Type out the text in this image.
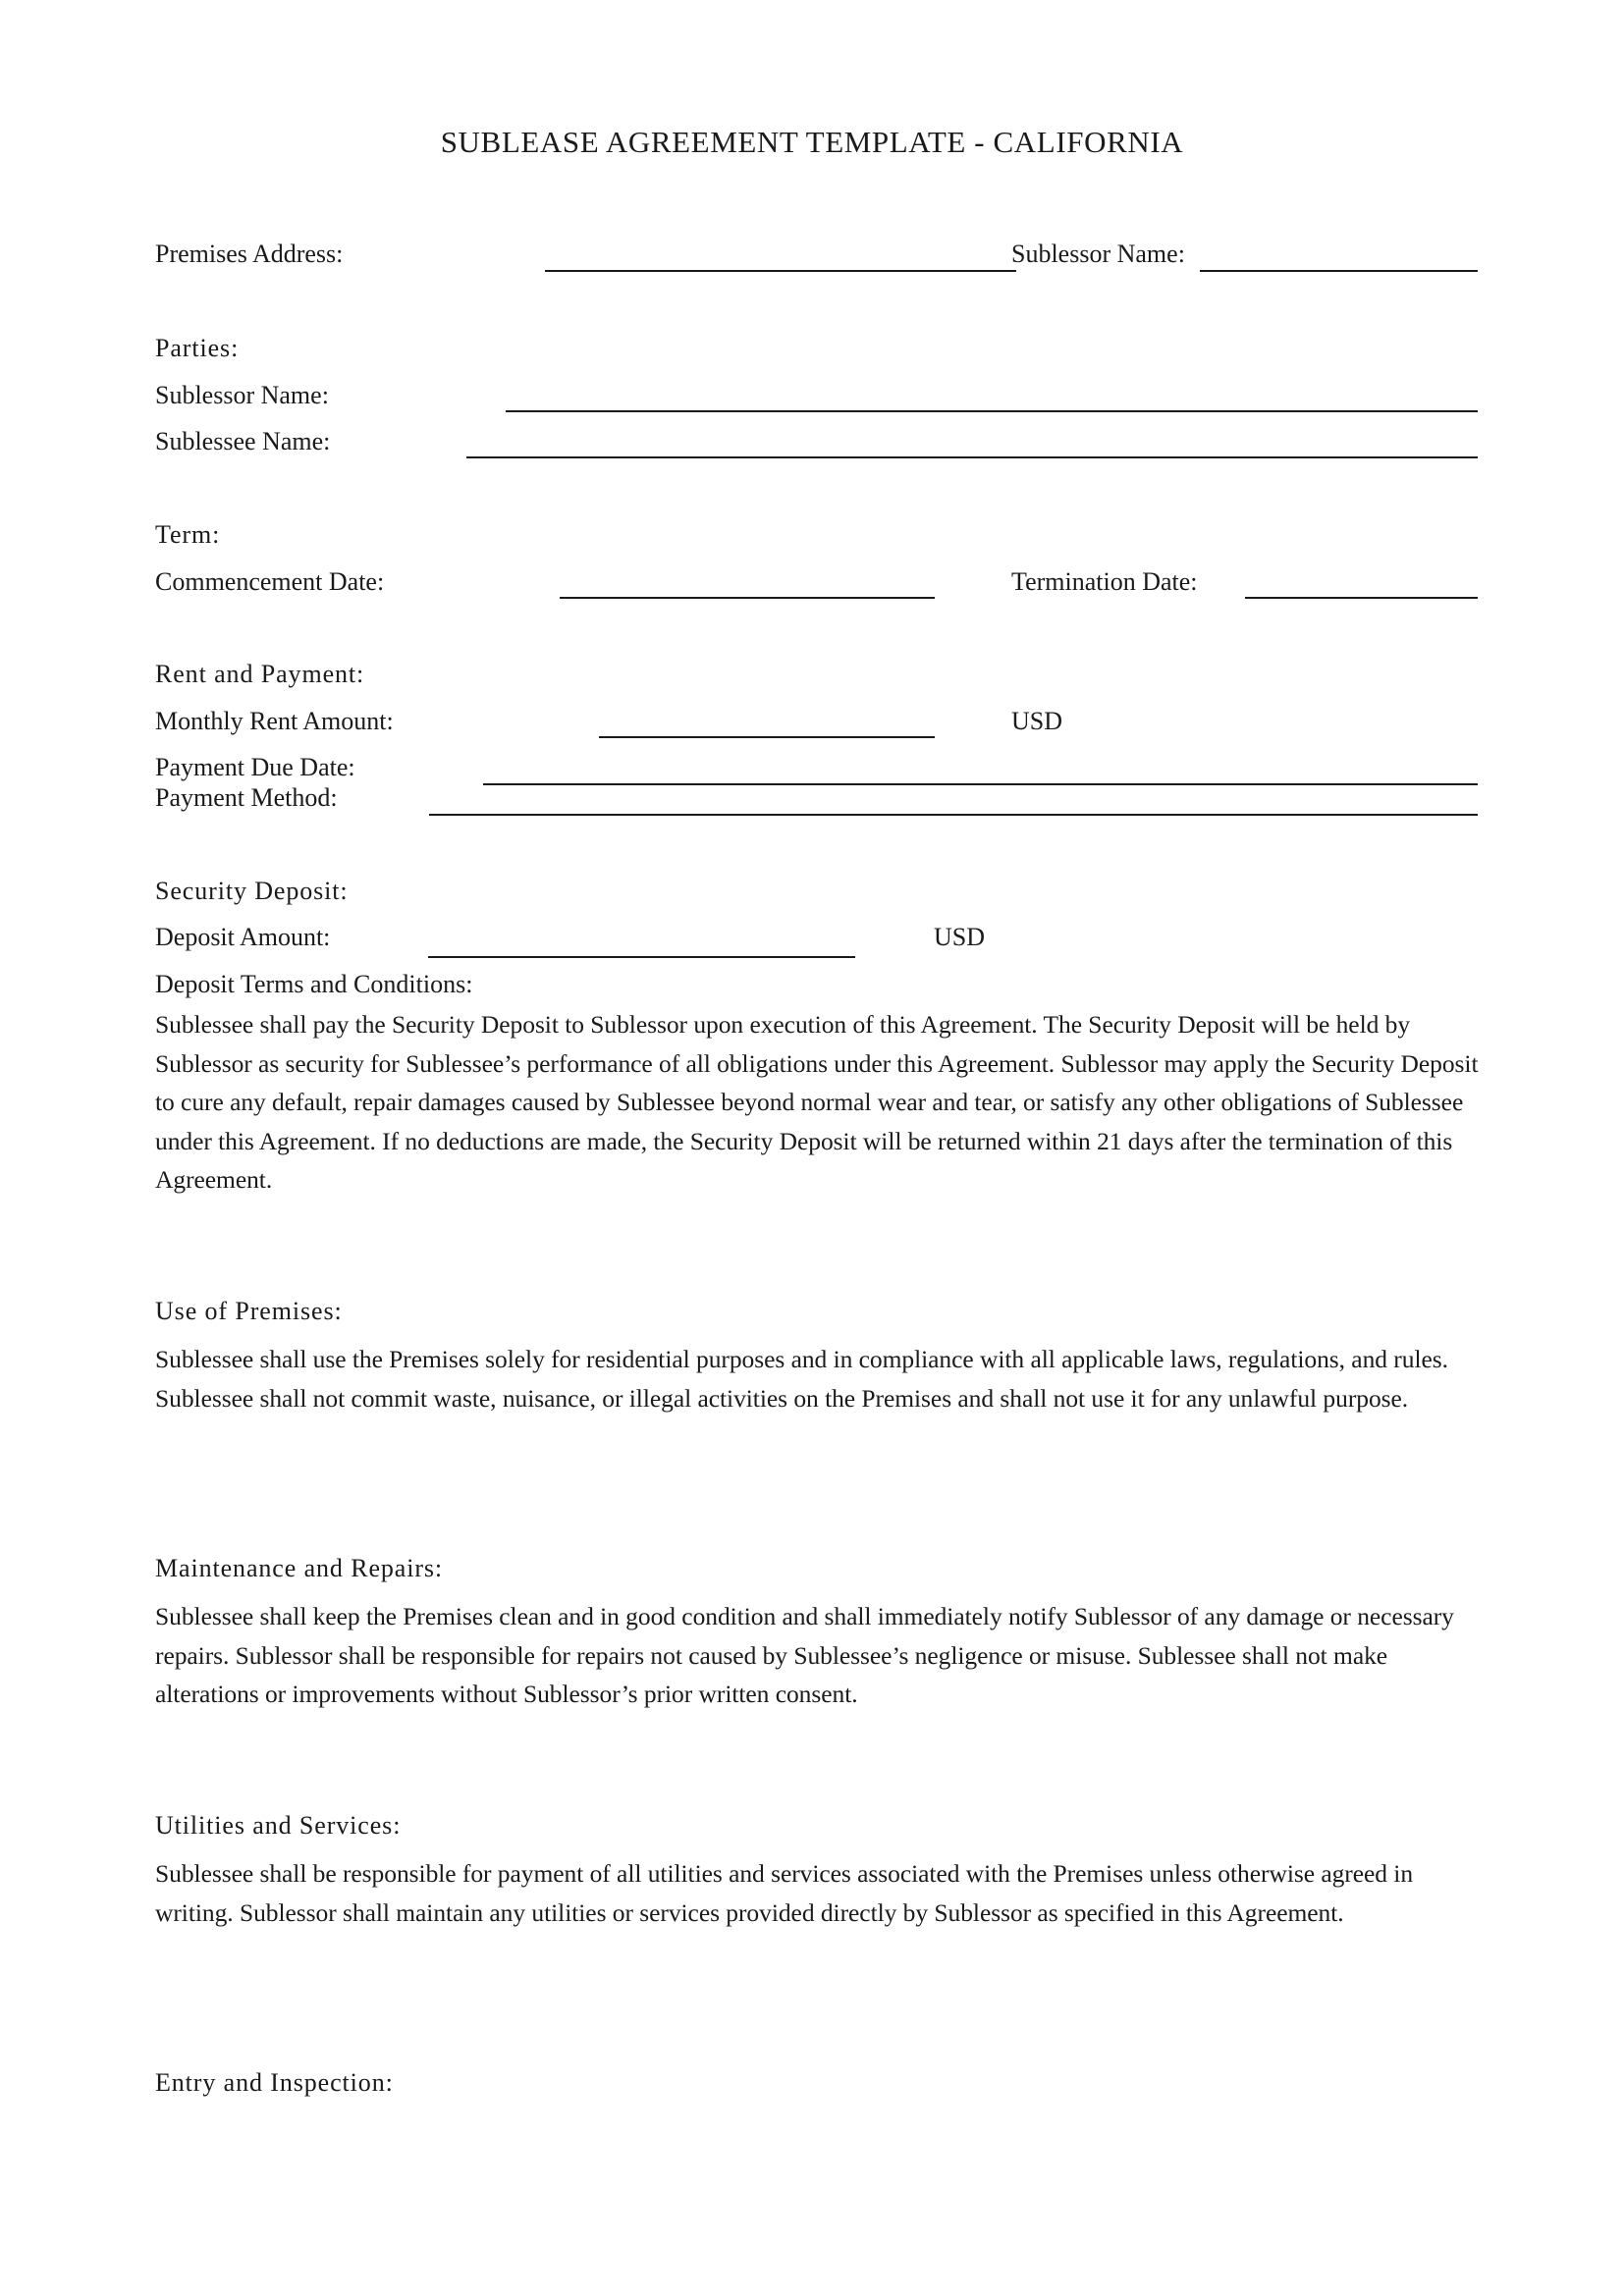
SUBLEASE AGREEMENT TEMPLATE - CALIFORNIA
Premises Address:	Sublessor Name:
Parties:
Sublessor Name:
Sublessee Name:
Term:
Commencement Date:	Termination Date:
Rent and Payment:
Monthly Rent Amount:	USD
Payment Due Date:
Payment Method:
Security Deposit:
Deposit Amount:	USD
Deposit Terms and Conditions:
Sublessee shall pay the Security Deposit to Sublessor upon execution of this Agreement. The Security Deposit will be held by Sublessor as security for Sublessee’s performance of all obligations under this Agreement. Sublessor may apply the Security Deposit to cure any default, repair damages caused by Sublessee beyond normal wear and tear, or satisfy any other obligations of Sublessee under this Agreement. If no deductions are made, the Security Deposit will be returned within 21 days after the termination of this Agreement.
Use of Premises:
Sublessee shall use the Premises solely for residential purposes and in compliance with all applicable laws, regulations, and rules. Sublessee shall not commit waste, nuisance, or illegal activities on the Premises and shall not use it for any unlawful purpose.
Maintenance and Repairs:
Sublessee shall keep the Premises clean and in good condition and shall immediately notify Sublessor of any damage or necessary repairs. Sublessor shall be responsible for repairs not caused by Sublessee’s negligence or misuse. Sublessee shall not make alterations or improvements without Sublessor’s prior written consent.
Utilities and Services:
Sublessee shall be responsible for payment of all utilities and services associated with the Premises unless otherwise agreed in writing. Sublessor shall maintain any utilities or services provided directly by Sublessor as specified in this Agreement.
Entry and Inspection:
